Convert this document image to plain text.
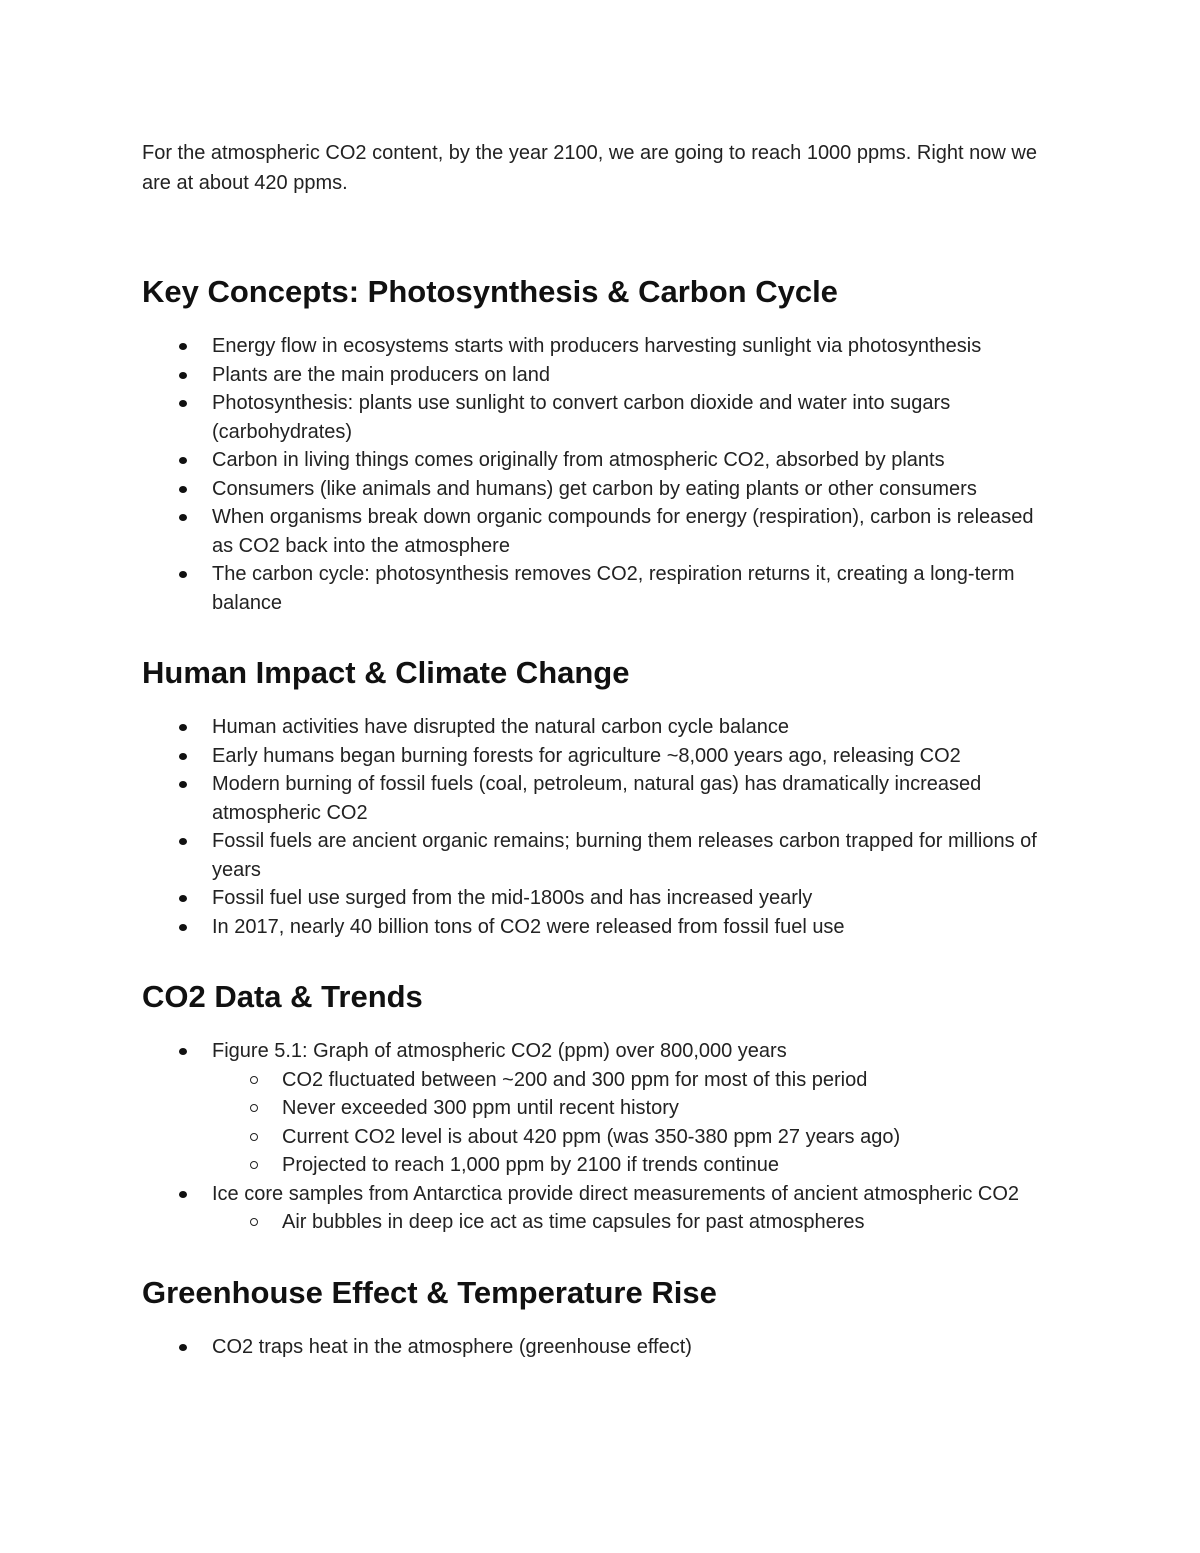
For the atmospheric CO2 content, by the year 2100, we are going to reach 1000 ppms. Right now we are at about 420 ppms.

Key Concepts: Photosynthesis & Carbon Cycle
Energy flow in ecosystems starts with producers harvesting sunlight via photosynthesis
Plants are the main producers on land
Photosynthesis: plants use sunlight to convert carbon dioxide and water into sugars (carbohydrates)
Carbon in living things comes originally from atmospheric CO2, absorbed by plants
Consumers (like animals and humans) get carbon by eating plants or other consumers
When organisms break down organic compounds for energy (respiration), carbon is released as CO2 back into the atmosphere
The carbon cycle: photosynthesis removes CO2, respiration returns it, creating a long-term balance
Human Impact & Climate Change
Human activities have disrupted the natural carbon cycle balance
Early humans began burning forests for agriculture ~8,000 years ago, releasing CO2
Modern burning of fossil fuels (coal, petroleum, natural gas) has dramatically increased atmospheric CO2
Fossil fuels are ancient organic remains; burning them releases carbon trapped for millions of years
Fossil fuel use surged from the mid-1800s and has increased yearly
In 2017, nearly 40 billion tons of CO2 were released from fossil fuel use
CO2 Data & Trends
Figure 5.1: Graph of atmospheric CO2 (ppm) over 800,000 years
CO2 fluctuated between ~200 and 300 ppm for most of this period
Never exceeded 300 ppm until recent history
Current CO2 level is about 420 ppm (was 350-380 ppm 27 years ago)
Projected to reach 1,000 ppm by 2100 if trends continue
Ice core samples from Antarctica provide direct measurements of ancient atmospheric CO2
Air bubbles in deep ice act as time capsules for past atmospheres
Greenhouse Effect & Temperature Rise
CO2 traps heat in the atmosphere (greenhouse effect)
